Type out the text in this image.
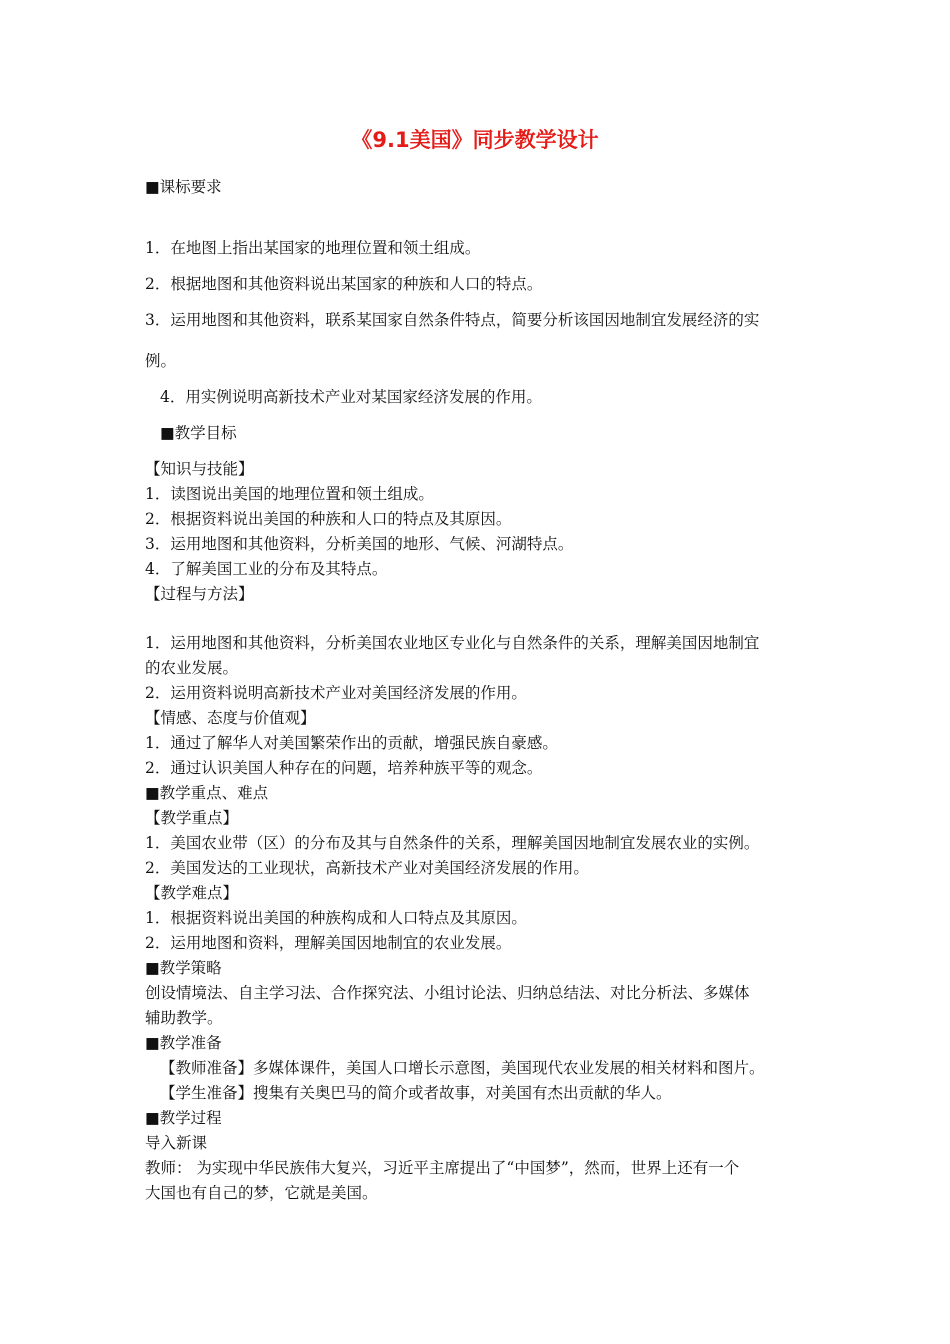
《9.1美国》同步教学设计
■课标要求
1．在地图上指出某国家的地理位置和领土组成。
2．根据地图和其他资料说出某国家的种族和人口的特点。
3．运用地图和其他资料，联系某国家自然条件特点，简要分析该国因地制宜发展经济的实
例。
4．用实例说明高新技术产业对某国家经济发展的作用。
■教学目标
【知识与技能】
1．读图说出美国的地理位置和领土组成。
2．根据资料说出美国的种族和人口的特点及其原因。
3．运用地图和其他资料，分析美国的地形、气候、河湖特点。
4．了解美国工业的分布及其特点。
【过程与方法】
1．运用地图和其他资料，分析美国农业地区专业化与自然条件的关系，理解美国因地制宜
的农业发展。
2．运用资料说明高新技术产业对美国经济发展的作用。
【情感、态度与价值观】
1．通过了解华人对美国繁荣作出的贡献，增强民族自豪感。
2．通过认识美国人种存在的问题，培养种族平等的观念。
■教学重点、难点
【教学重点】
1．美国农业带（区）的分布及其与自然条件的关系，理解美国因地制宜发展农业的实例。
2．美国发达的工业现状，高新技术产业对美国经济发展的作用。
【教学难点】
1．根据资料说出美国的种族构成和人口特点及其原因。
2．运用地图和资料，理解美国因地制宜的农业发展。
■教学策略
创设情境法、自主学习法、合作探究法、小组讨论法、归纳总结法、对比分析法、多媒体
辅助教学。
■教学准备
【教师准备】多媒体课件，美国人口增长示意图，美国现代农业发展的相关材料和图片。
【学生准备】搜集有关奥巴马的简介或者故事，对美国有杰出贡献的华人。
■教学过程
导入新课
教师： 为实现中华民族伟大复兴，习近平主席提出了“中国梦”，然而，世界上还有一个
大国也有自己的梦，它就是美国。
